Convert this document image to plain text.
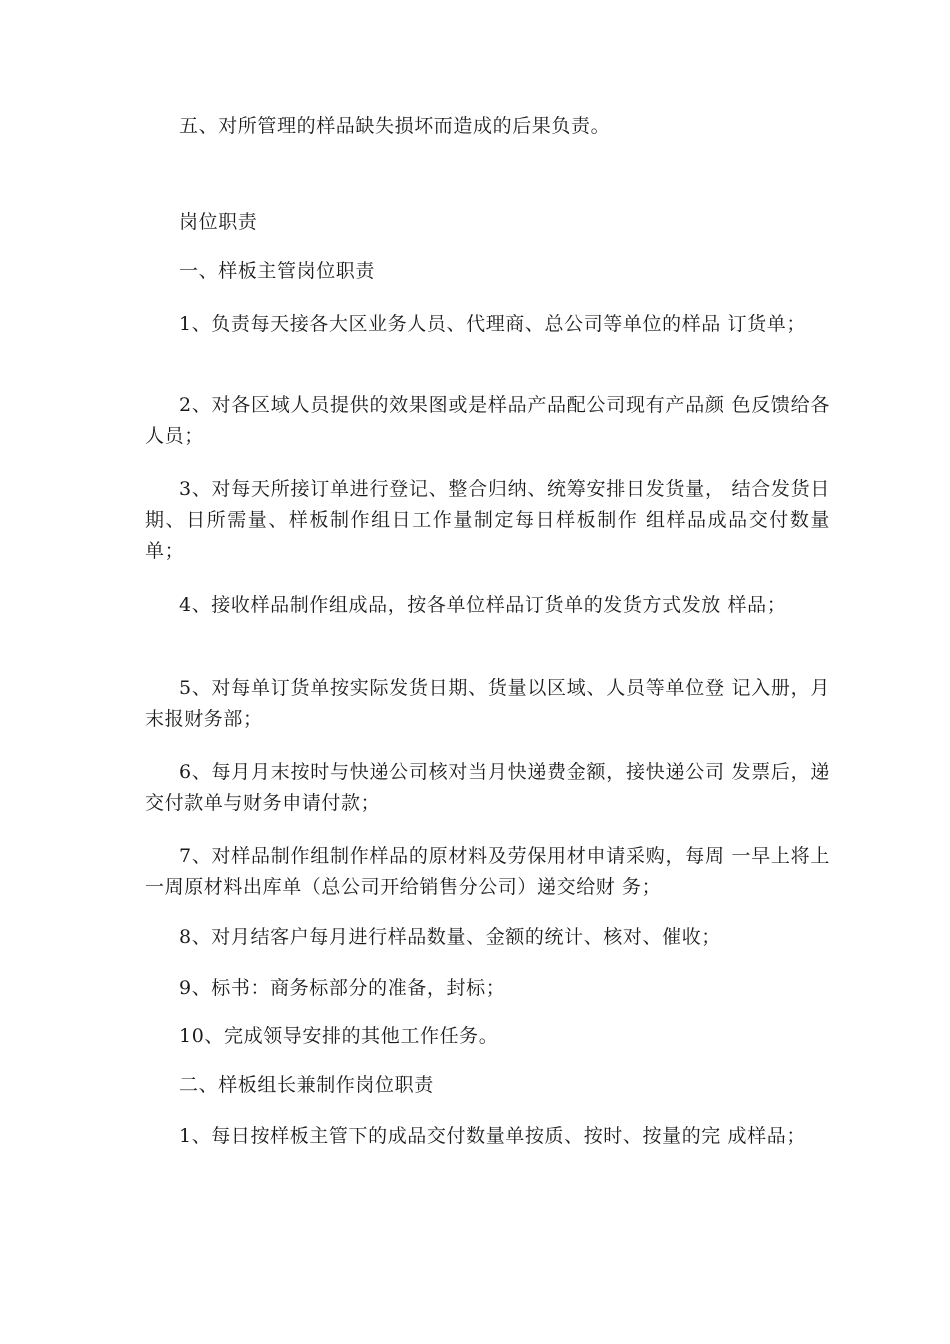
五、对所管理的样品缺失损坏而造成的后果负责。

岗位职责

一、样板主管岗位职责

1、负责每天接各大区业务人员、代理商、总公司等单位的样品 订货单；

2、对各区域人员提供的效果图或是样品产品配公司现有产品颜 色反馈给各人员；

3、对每天所接订单进行登记、整合归纳、统筹安排日发货量， 结合发货日期、日所需量、样板制作组日工作量制定每日样板制作 组样品成品交付数量单；

4、接收样品制作组成品，按各单位样品订货单的发货方式发放 样品；

5、对每单订货单按实际发货日期、货量以区域、人员等单位登 记入册，月末报财务部；

6、每月月末按时与快递公司核对当月快递费金额，接快递公司 发票后，递交付款单与财务申请付款；

7、对样品制作组制作样品的原材料及劳保用材申请采购，每周 一早上将上一周原材料出库单（总公司开给销售分公司）递交给财 务；

8、对月结客户每月进行样品数量、金额的统计、核对、催收；

9、标书：商务标部分的准备，封标；

10、完成领导安排的其他工作任务。

二、样板组长兼制作岗位职责

1、每日按样板主管下的成品交付数量单按质、按时、按量的完 成样品；
